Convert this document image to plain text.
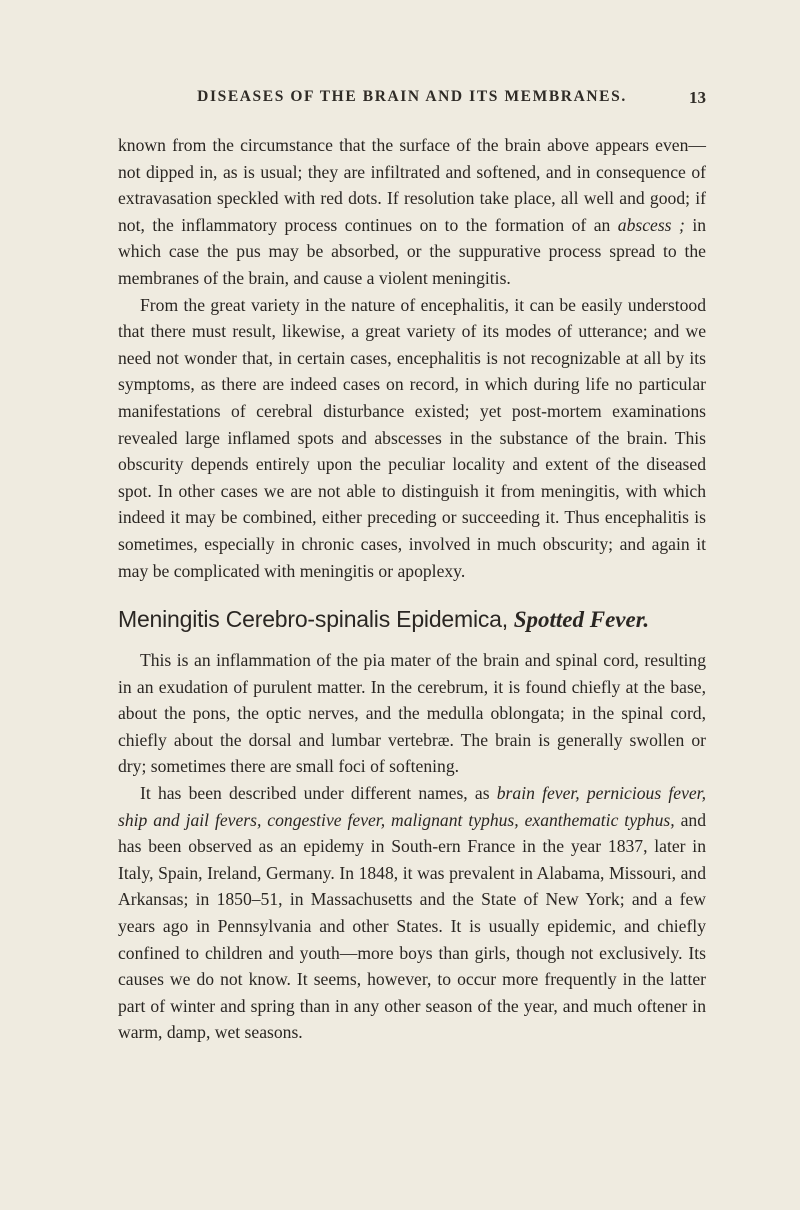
DISEASES OF THE BRAIN AND ITS MEMBRANES.	13

known from the circumstance that the surface of the brain above appears even—not dipped in, as is usual; they are infiltrated and softened, and in consequence of extravasation speckled with red dots. If resolution take place, all well and good; if not, the inflammatory process continues on to the formation of an abscess ; in which case the pus may be absorbed, or the suppurative process spread to the membranes of the brain, and cause a violent meningitis.

From the great variety in the nature of encephalitis, it can be easily understood that there must result, likewise, a great variety of its modes of utterance; and we need not wonder that, in certain cases, encephalitis is not recognizable at all by its symptoms, as there are indeed cases on record, in which during life no particular manifestations of cerebral disturbance existed; yet post-mortem examinations revealed large inflamed spots and abscesses in the substance of the brain. This obscurity depends entirely upon the peculiar locality and extent of the diseased spot. In other cases we are not able to distinguish it from meningitis, with which indeed it may be combined, either preceding or succeeding it. Thus encephalitis is sometimes, especially in chronic cases, involved in much obscurity; and again it may be complicated with meningitis or apoplexy.

Meningitis Cerebro-spinalis Epidemica, Spotted Fever.

This is an inflammation of the pia mater of the brain and spinal cord, resulting in an exudation of purulent matter. In the cerebrum, it is found chiefly at the base, about the pons, the optic nerves, and the medulla oblongata; in the spinal cord, chiefly about the dorsal and lumbar vertebræ. The brain is generally swollen or dry; sometimes there are small foci of softening.

It has been described under different names, as brain fever, pernicious fever, ship and jail fevers, congestive fever, malignant typhus, exanthematic typhus, and has been observed as an epidemy in South-ern France in the year 1837, later in Italy, Spain, Ireland, Germany. In 1848, it was prevalent in Alabama, Missouri, and Arkansas; in 1850–51, in Massachusetts and the State of New York; and a few years ago in Pennsylvania and other States. It is usually epidemic, and chiefly confined to children and youth—more boys than girls, though not exclusively. Its causes we do not know. It seems, however, to occur more frequently in the latter part of winter and spring than in any other season of the year, and much oftener in warm, damp, wet seasons.
